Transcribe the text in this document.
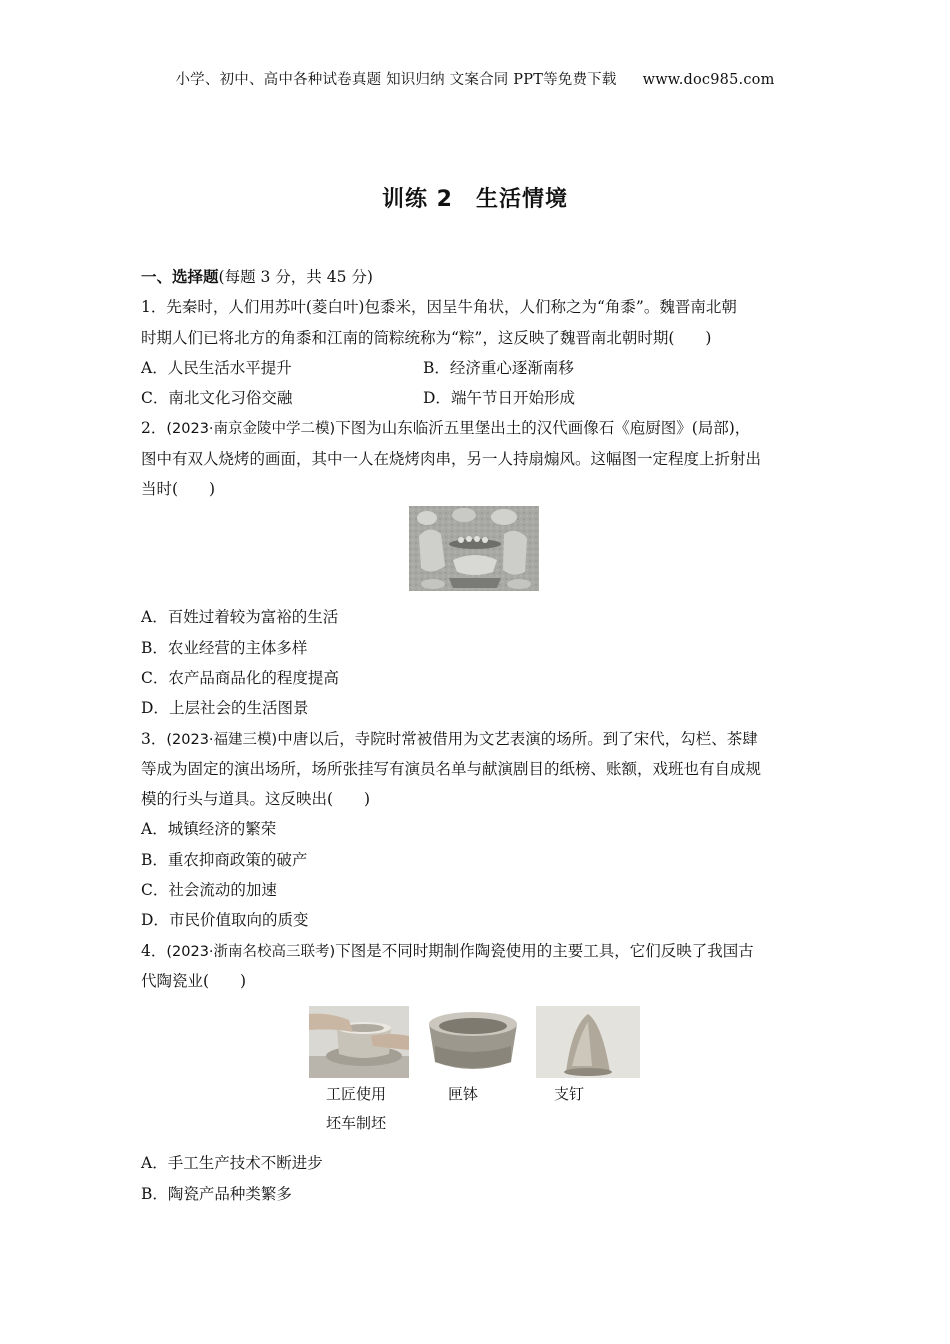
小学、初中、高中各种试卷真题 知识归纳 文案合同 PPT等免费下载 www.doc985.com
训练 2　生活情境
一、选择题(每题 3 分，共 45 分)
1．先秦时，人们用苏叶(菱白叶)包黍米，因呈牛角状，人们称之为“角黍”。魏晋南北朝
时期人们已将北方的角黍和江南的筒粽统称为“粽”，这反映了魏晋南北朝时期(　　)
A．人民生活水平提升	B．经济重心逐渐南移
C．南北文化习俗交融	D．端午节日开始形成
2．(2023·南京金陵中学二模)下图为山东临沂五里堡出土的汉代画像石《庖厨图》(局部)，
图中有双人烧烤的画面，其中一人在烧烤肉串，另一人持扇煽风。这幅图一定程度上折射出
当时(　　)
A．百姓过着较为富裕的生活
B．农业经营的主体多样
C．农产品商品化的程度提高
D．上层社会的生活图景
3．(2023·福建三模)中唐以后，寺院时常被借用为文艺表演的场所。到了宋代，勾栏、茶肆
等成为固定的演出场所，场所张挂写有演员名单与献演剧目的纸榜、账额，戏班也有自成规
模的行头与道具。这反映出(　　)
A．城镇经济的繁荣
B．重农抑商政策的破产
C．社会流动的加速
D．市民价值取向的质变
4．(2023·浙南名校高三联考)下图是不同时期制作陶瓷使用的主要工具，它们反映了我国古
代陶瓷业(　　)
工匠使用
坯车制坯
匣钵	支钉
A．手工生产技术不断进步
B．陶瓷产品种类繁多
